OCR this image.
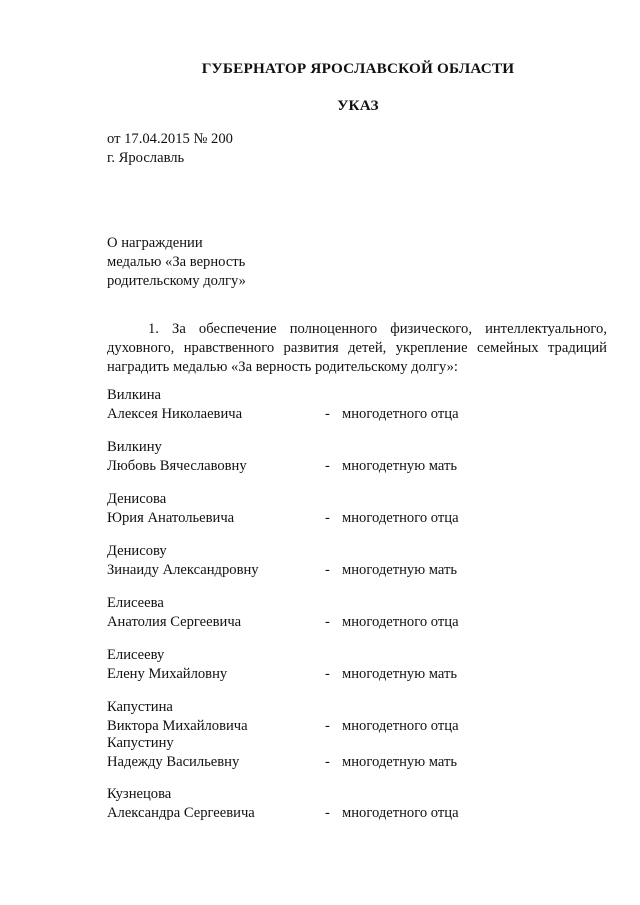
ГУБЕРНАТОР ЯРОСЛАВСКОЙ ОБЛАСТИ
УКАЗ
от 17.04.2015 № 200
г. Ярославль
О награждении
медалью «За верность
родительскому долгу»
1. За обеспечение полноценного физического, интеллектуального, духовного, нравственного развития детей, укрепление семейных традиций наградить медалью «За верность родительскому долгу»:
Вилкина
Алексея Николаевича	- многодетного отца
Вилкину
Любовь Вячеславовну	- многодетную мать
Денисова
Юрия Анатольевича	- многодетного отца
Денисову
Зинаиду Александровну	- многодетную мать
Елисеева
Анатолия Сергеевича	- многодетного отца
Елисееву
Елену Михайловну	- многодетную мать
Капустина
Виктора Михайловича	- многодетного отца
Капустину
Надежду Васильевну	- многодетную мать
Кузнецова
Александра Сергеевича	- многодетного отца
